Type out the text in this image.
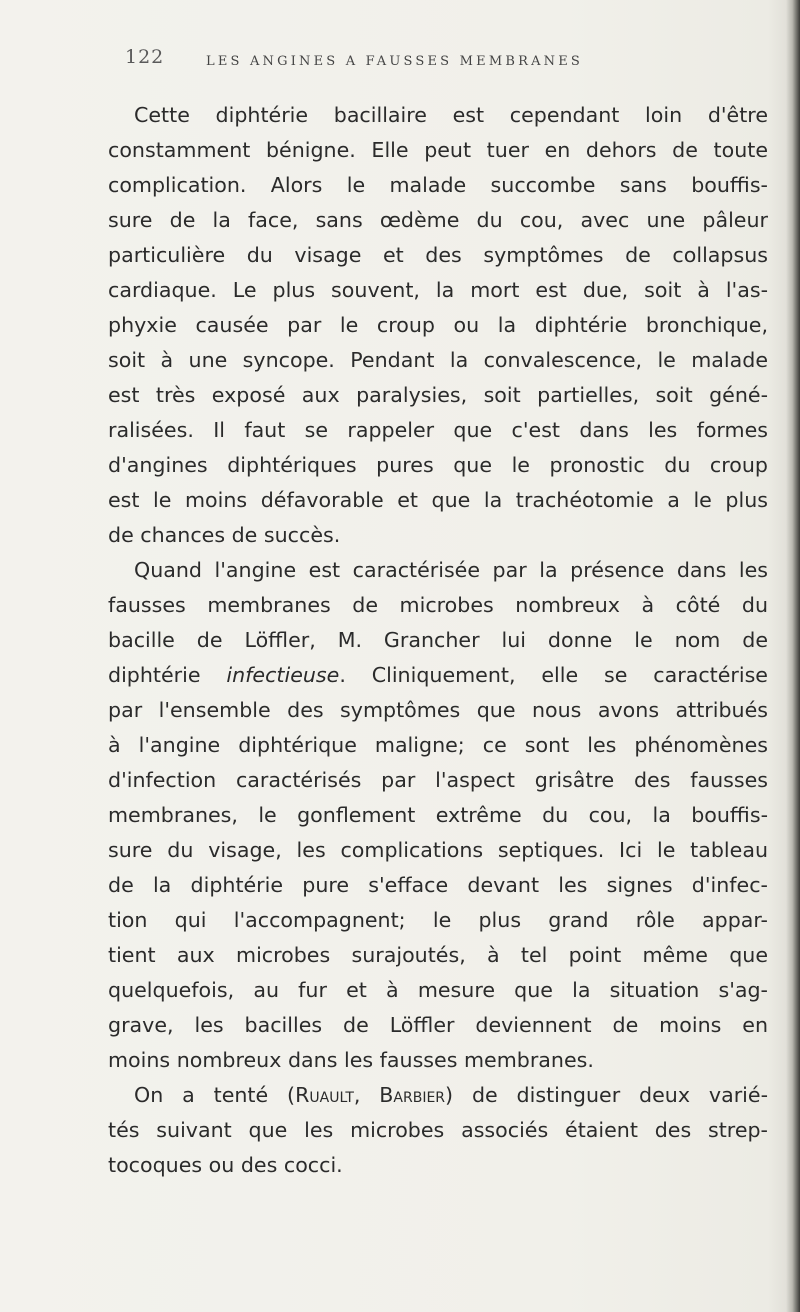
122	LES ANGINES A FAUSSES MEMBRANES
Cette diphtérie bacillaire est cependant loin d'être
constamment bénigne. Elle peut tuer en dehors de toute
complication. Alors le malade succombe sans bouffis-
sure de la face, sans œdème du cou, avec une pâleur
particulière du visage et des symptômes de collapsus
cardiaque. Le plus souvent, la mort est due, soit à l'as-
phyxie causée par le croup ou la diphtérie bronchique,
soit à une syncope. Pendant la convalescence, le malade
est très exposé aux paralysies, soit partielles, soit géné-
ralisées. Il faut se rappeler que c'est dans les formes
d'angines diphtériques pures que le pronostic du croup
est le moins défavorable et que la trachéotomie a le plus
de chances de succès.
Quand l'angine est caractérisée par la présence dans les
fausses membranes de microbes nombreux à côté du
bacille de Löffler, M. Grancher lui donne le nom de
diphtérie infectieuse. Cliniquement, elle se caractérise
par l'ensemble des symptômes que nous avons attribués
à l'angine diphtérique maligne; ce sont les phénomènes
d'infection caractérisés par l'aspect grisâtre des fausses
membranes, le gonflement extrême du cou, la bouffis-
sure du visage, les complications septiques. Ici le tableau
de la diphtérie pure s'efface devant les signes d'infec-
tion qui l'accompagnent; le plus grand rôle appar-
tient aux microbes surajoutés, à tel point même que
quelquefois, au fur et à mesure que la situation s'ag-
grave, les bacilles de Löffler deviennent de moins en
moins nombreux dans les fausses membranes.
On a tenté (Ruault, Barbier) de distinguer deux varié-
tés suivant que les microbes associés étaient des strep-
tocoques ou des cocci.
